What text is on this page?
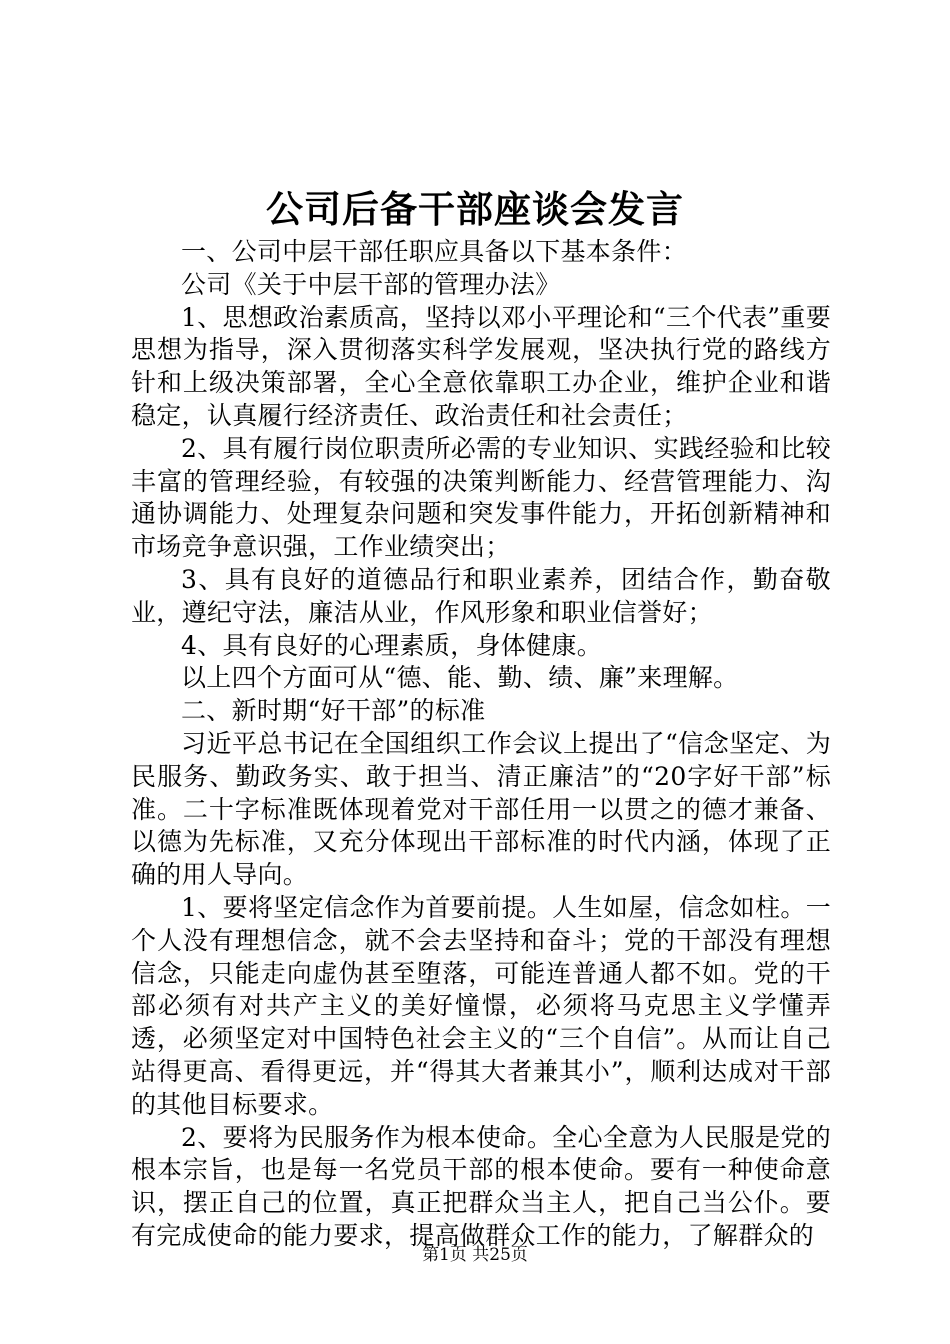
公司后备干部座谈会发言

一、公司中层干部任职应具备以下基本条件：

公司《关于中层干部的管理办法》

1、思想政治素质高，坚持以邓小平理论和“三个代表”重要思想为指导，深入贯彻落实科学发展观，坚决执行党的路线方针和上级决策部署，全心全意依靠职工办企业，维护企业和谐稳定，认真履行经济责任、政治责任和社会责任；

2、具有履行岗位职责所必需的专业知识、实践经验和比较丰富的管理经验，有较强的决策判断能力、经营管理能力、沟通协调能力、处理复杂问题和突发事件能力，开拓创新精神和市场竞争意识强，工作业绩突出；

3、具有良好的道德品行和职业素养，团结合作，勤奋敬业，遵纪守法，廉洁从业，作风形象和职业信誉好；

4、具有良好的心理素质，身体健康。

以上四个方面可从“德、能、勤、绩、廉”来理解。

二、新时期“好干部”的标准

习近平总书记在全国组织工作会议上提出了“信念坚定、为民服务、勤政务实、敢于担当、清正廉洁”的“20字好干部”标准。二十字标准既体现着党对干部任用一以贯之的德才兼备、以德为先标准，又充分体现出干部标准的时代内涵，体现了正确的用人导向。

1、要将坚定信念作为首要前提。人生如屋，信念如柱。一个人没有理想信念，就不会去坚持和奋斗；党的干部没有理想信念，只能走向虚伪甚至堕落，可能连普通人都不如。党的干部必须有对共产主义的美好憧憬，必须将马克思主义学懂弄透，必须坚定对中国特色社会主义的“三个自信”。从而让自己站得更高、看得更远，并“得其大者兼其小”，顺利达成对干部的其他目标要求。

2、要将为民服务作为根本使命。全心全意为人民服是党的根本宗旨，也是每一名党员干部的根本使命。要有一种使命意识，摆正自己的位置，真正把群众当主人，把自己当公仆。要有完成使命的能力要求，提高做群众工作的能力，了解群众的

第1页 共25页
